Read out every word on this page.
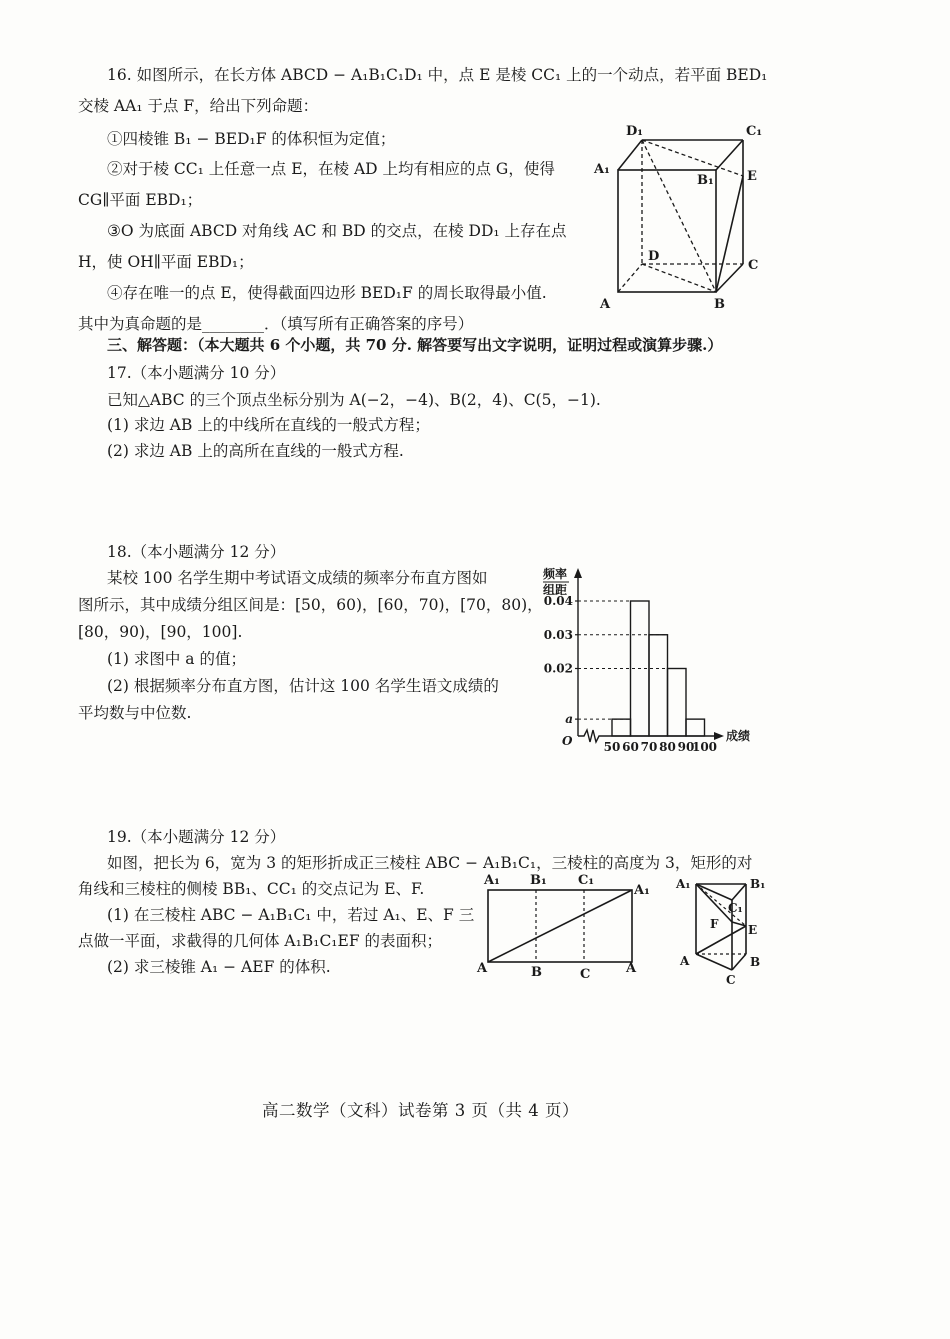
16. 如图所示，在长方体 ABCD − A₁B₁C₁D₁ 中，点 E 是棱 CC₁ 上的一个动点，若平面 BED₁
交棱 AA₁ 于点 F，给出下列命题：
①四棱锥 B₁ − BED₁F 的体积恒为定值；
②对于棱 CC₁ 上任意一点 E，在棱 AD 上均有相应的点 G，使得
CG∥平面 EBD₁；
③O 为底面 ABCD 对角线 AC 和 BD 的交点，在棱 DD₁ 上存在点
H，使 OH∥平面 EBD₁；
④存在唯一的点 E，使得截面四边形 BED₁F 的周长取得最小值.
其中为真命题的是________．（填写所有正确答案的序号）
D₁	C₁
A₁
B₁	E
D
C
A	B
三、解答题：（本大题共 6 个小题，共 70 分. 解答要写出文字说明，证明过程或演算步骤.）
17.（本小题满分 10 分）
已知△ABC 的三个顶点坐标分别为 A(−2，−4)、B(2，4)、C(5，−1).
(1) 求边 AB 上的中线所在直线的一般式方程；
(2) 求边 AB 上的高所在直线的一般式方程.
18.（本小题满分 12 分）
某校 100 名学生期中考试语文成绩的频率分布直方图如
图所示，其中成绩分组区间是：[50，60)，[60，70)，[70，80)，
[80，90)，[90，100].
(1) 求图中 a 的值；
(2) 根据频率分布直方图，估计这 100 名学生语文成绩的
平均数与中位数.	a
0.02
0.03
0.04
50 60 70 80 90
100
频率
组距
成绩
O
19.（本小题满分 12 分）
如图，把长为 6，宽为 3 的矩形折成正三棱柱 ABC − A₁B₁C₁，三棱柱的高度为 3，矩形的对
角线和三棱柱的侧棱 BB₁、CC₁ 的交点记为 E、F.
(1) 在三棱柱 ABC − A₁B₁C₁ 中，若过 A₁、E、F 三
点做一平面，求截得的几何体 A₁B₁C₁EF 的表面积；
(2) 求三棱锥 A₁ − AEF 的体积.
A₁ B₁ C₁
A₁
A	B	C	A
A₁	B₁
C₁
F E
A	B
C
高二数学（文科）试卷第 3 页（共 4 页）
